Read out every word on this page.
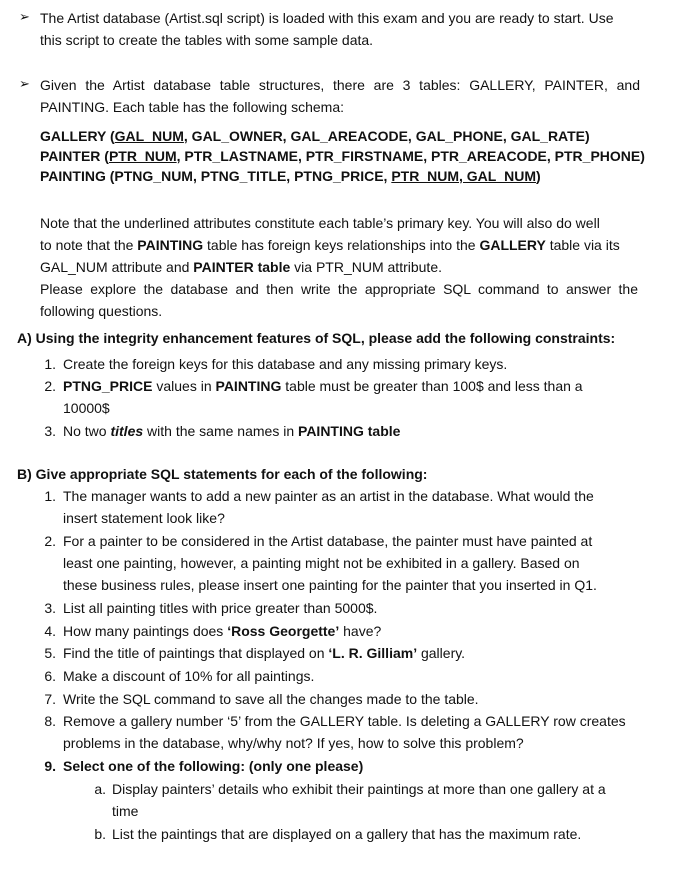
➢ The Artist database (Artist.sql script) is loaded with this exam and you are ready to start. Use
this script to create the tables with some sample data.
➢ Given the Artist database table structures, there are 3 tables: GALLERY, PAINTER, and
PAINTING. Each table has the following schema:
GALLERY (GAL_NUM, GAL_OWNER, GAL_AREACODE, GAL_PHONE, GAL_RATE)
PAINTER (PTR_NUM, PTR_LASTNAME, PTR_FIRSTNAME, PTR_AREACODE, PTR_PHONE)
PAINTING (PTNG_NUM, PTNG_TITLE, PTNG_PRICE, PTR_NUM, GAL_NUM)
Note that the underlined attributes constitute each table’s primary key. You will also do well
to note that the PAINTING table has foreign keys relationships into the GALLERY table via its
GAL_NUM attribute and PAINTER table via PTR_NUM attribute.
Please explore the database and then write the appropriate SQL command to answer the
following questions.
A) Using the integrity enhancement features of SQL, please add the following constraints:
1. Create the foreign keys for this database and any missing primary keys.
2. PTNG_PRICE values in PAINTING table must be greater than 100$ and less than a
10000$
3. No two titles with the same names in PAINTING table
B) Give appropriate SQL statements for each of the following:
1. The manager wants to add a new painter as an artist in the database. What would the
insert statement look like?
2. For a painter to be considered in the Artist database, the painter must have painted at
least one painting, however, a painting might not be exhibited in a gallery. Based on
these business rules, please insert one painting for the painter that you inserted in Q1.
3. List all painting titles with price greater than 5000$.
4. How many paintings does ‘Ross Georgette’ have?
5. Find the title of paintings that displayed on ‘L. R. Gilliam’ gallery.
6. Make a discount of 10% for all paintings.
7. Write the SQL command to save all the changes made to the table.
8. Remove a gallery number ‘5’ from the GALLERY table. Is deleting a GALLERY row creates
problems in the database, why/why not? If yes, how to solve this problem?
9. Select one of the following: (only one please)
a. Display painters’ details who exhibit their paintings at more than one gallery at a
time
b. List the paintings that are displayed on a gallery that has the maximum rate.
